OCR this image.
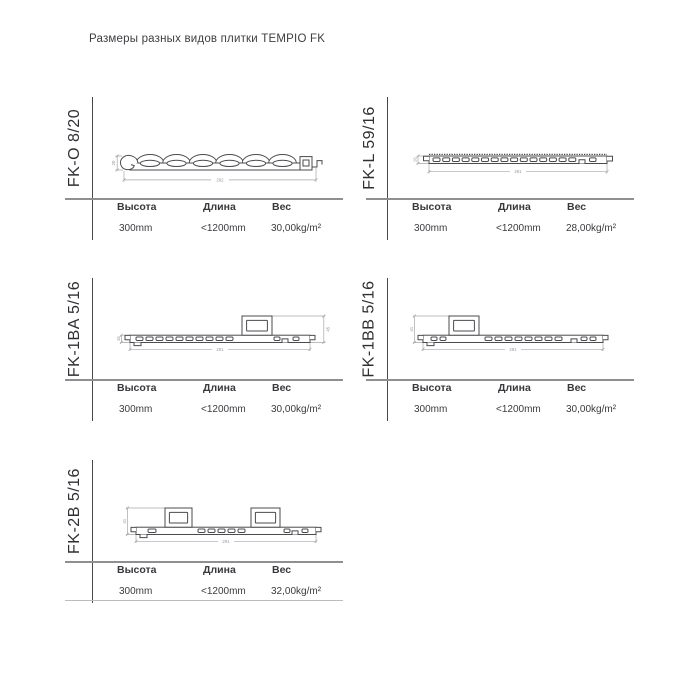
Размеры разных видов плитки TEMPIO FK
FK-O 8/20	20
292
Высота	Длина	Вес
300mm	<1200mm	30,00kg/m²
FK-L 59/16	16
291
Высота	Длина	Вес
300mm	<1200mm	28,00kg/m²
FK-1BA 5/16	16
45
291
Высота	Длина	Вес
300mm	<1200mm	30,00kg/m²
FK-1BB 5/16	41
291
Высота	Длина	Вес
300mm	<1200mm	30,00kg/m²
FK-2B 5/16	41
291
Высота	Длина	Вес
300mm	<1200mm	32,00kg/m²
